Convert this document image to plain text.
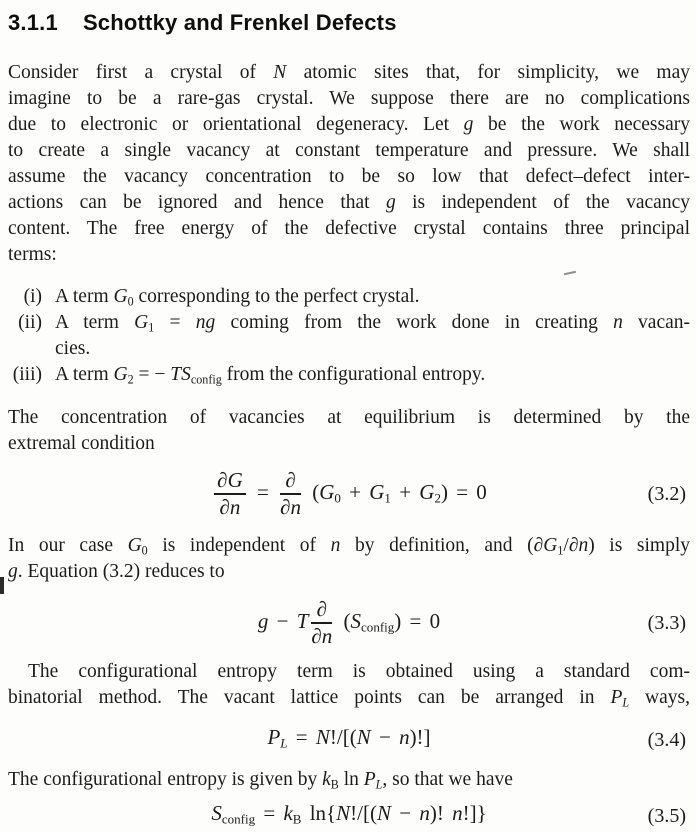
3.1.1 Schottky and Frenkel Defects
Consider first a crystal of N atomic sites that, for simplicity, we may
imagine to be a rare-gas crystal. We suppose there are no complications
due to electronic or orientational degeneracy. Let g be the work necessary
to create a single vacancy at constant temperature and pressure. We shall
assume the vacancy concentration to be so low that defect–defect inter-
actions can be ignored and hence that g is independent of the vacancy
content. The free energy of the defective crystal contains three principal
terms:
(i) A term G0 corresponding to the perfect crystal.
(ii) A term G1 = ng coming from the work done in creating n vacan-
cies.
(iii) A term G2 = − TSconfig from the configurational entropy.
The concentration of vacancies at equilibrium is determined by the
extremal condition
$\frac{\partial G}{\partial n} = \frac{\partial}{\partial n} (G0 + G1 + G2) = 0$	(3.2)
In our case G0 is independent of n by definition, and (∂G1/∂n) is simply
g. Equation (3.2) reduces to
g − T $\frac{\partial}{\partial n}$ (Sconfig) = 0	(3.3)
The configurational entropy term is obtained using a standard com-
binatorial method. The vacant lattice points can be arranged in PL ways,
PL = N!/[(N − n)!]	(3.4)
The configurational entropy is given by kB ln PL, so that we have
Sconfig = kB ln{N!/[(N − n)! n!]}	(3.5)
